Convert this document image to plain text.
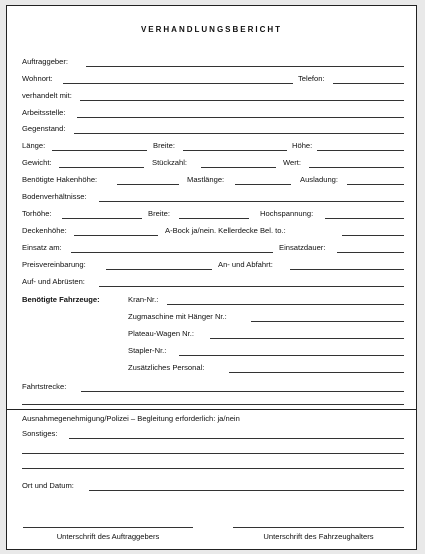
VERHANDLUNGSBERICHT
Auftraggeber:
Wohnort:	Telefon:
verhandelt mit:
Arbeitsstelle:
Gegenstand:
Länge:	Breite:	Höhe:
Gewicht:	Stückzahl:	Wert:
Benötigte Hakenhöhe:	Mastlänge:	Ausladung:
Bodenverhältnisse:
Torhöhe:	Breite:	Hochspannung:
Deckenhöhe:	A-Bock ja/nein. Kellerdecke Bel. to.:
Einsatz am:	Einsatzdauer:
Preisvereinbarung:	An- und Abfahrt:
Auf- und Abrüsten:
Benötigte Fahrzeuge:	Kran-Nr.:
Zugmaschine mit Hänger Nr.:
Plateau-Wagen Nr.:
Stapler-Nr.:
Zusätzliches Personal:
Fahrtstrecke:
Ausnahmegenehmigung/Polizei – Begleitung erforderlich: ja/nein
Sonstiges:
Ort und Datum:
Unterschrift des Auftraggebers	Unterschrift des Fahrzeughalters
